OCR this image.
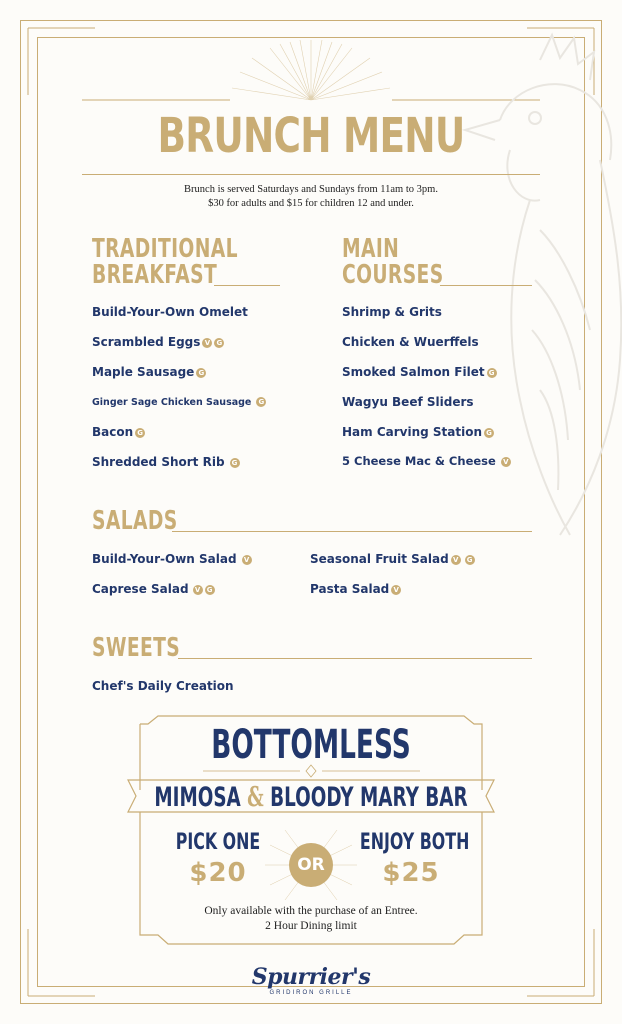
BRUNCH MENU
Brunch is served Saturdays and Sundays from 11am to 3pm.
$30 for adults and $15 for children 12 and under.
TRADITIONAL
BREAKFAST
Build-Your-Own Omelet
Scrambled Eggs V G
Maple Sausage G
Ginger Sage Chicken Sausage G
Bacon G
Shredded Short Rib G
MAIN
COURSES
Shrimp & Grits
Chicken & Wuerffels
Smoked Salmon Filet G
Wagyu Beef Sliders
Ham Carving Station G
5 Cheese Mac & Cheese V
SALADS
Build-Your-Own Salad V	Seasonal Fruit Salad V G
Caprese Salad V G	Pasta Salad V
SWEETS
Chef's Daily Creation
BOTTOMLESS
MIMOSA & BLOODY MARY BAR
PICK ONE
$20	OR
ENJOY BOTH
$25
Only available with the purchase of an Entree.
2 Hour Dining limit
Spurrier's
GRIDIRON GRILLE
